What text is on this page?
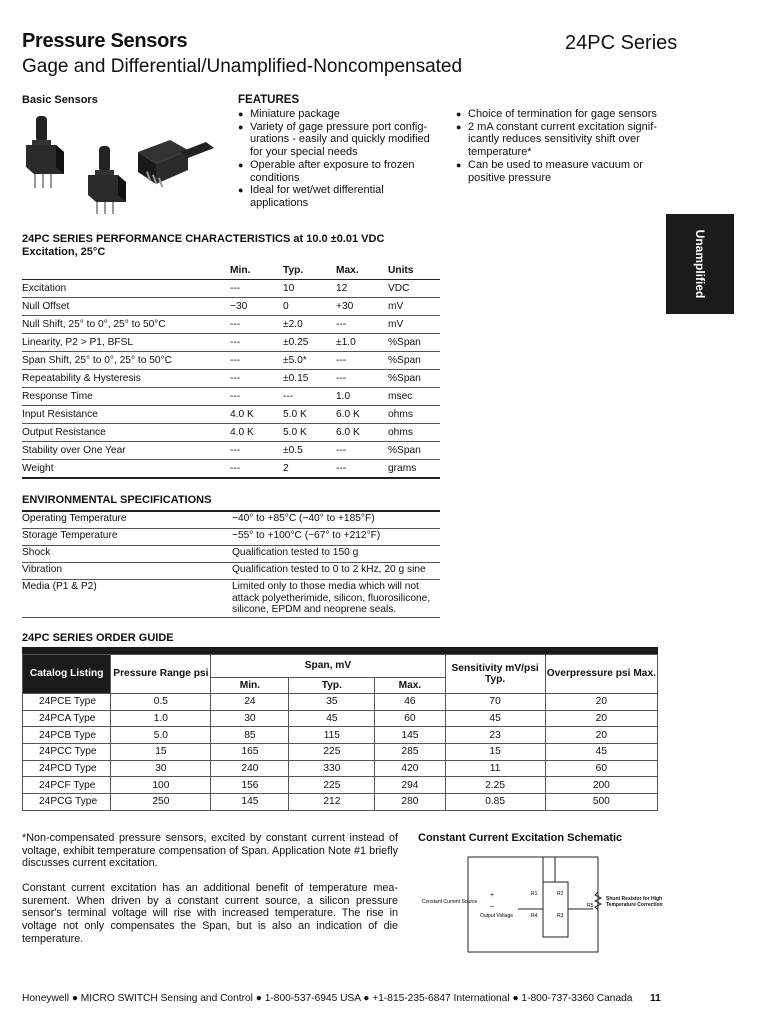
Pressure Sensors	24PC Series
Gage and Differential/Unamplified-Noncompensated
Basic Sensors	FEATURES
● Miniature package
● Variety of gage pressure port config-urations - easily and quickly modified for your special needs
● Operable after exposure to frozen conditions
● Ideal for wet/wet differential applications
● Choice of termination for gage sensors
● 2 mA constant current excitation signif-icantly reduces sensitivity shift over temperature*
● Can be used to measure vacuum or positive pressure
Unamplified
24PC SERIES PERFORMANCE CHARACTERISTICS at 10.0 ±0.01 VDC Excitation, 25°C
	Min.	Typ.	Max.	Units
Excitation	---	10	12	VDC
Null Offset	−30	0	+30	mV
Null Shift, 25° to 0°, 25° to 50°C	---	±2.0	---	mV
Linearity, P2 > P1, BFSL	---	±0.25	±1.0	%Span
Span Shift, 25° to 0°, 25° to 50°C	---	±5.0*	---	%Span
Repeatability & Hysteresis	---	±0.15	---	%Span
Response Time	---	---	1.0	msec
Input Resistance	4.0 K	5.0 K	6.0 K	ohms
Output Resistance	4.0 K	5.0 K	6.0 K	ohms
Stability over One Year	---	±0.5	---	%Span
Weight	---	2	---	grams
ENVIRONMENTAL SPECIFICATIONS
Operating Temperature	−40° to +85°C (−40° to +185°F)
Storage Temperature	−55° to +100°C (−67° to +212°F)
Shock	Qualification tested to 150 g
Vibration	Qualification tested to 0 to 2 kHz, 20 g sine
Media (P1 & P2)	Limited only to those media which will not attack polyetherimide, silicon, fluorosilicone, silicone, EPDM and neoprene seals.
24PC SERIES ORDER GUIDE
Catalog Listing	Pressure Range psi	Span, mV			Sensitivity mV/psi Typ.	Overpressure psi Max.
		Min.	Typ.	Max.		
24PCE Type	0.5	24	35	46	70	20
24PCA Type	1.0	30	45	60	45	20
24PCB Type	5.0	85	115	145	23	20
24PCC Type	15	165	225	285	15	45
24PCD Type	30	240	330	420	11	60
24PCF Type	100	156	225	294	2.25	200
24PCG Type	250	145	212	280	0.85	500
*Non-compensated pressure sensors, excited by constant current instead of voltage, exhibit temperature compensation of Span. Application Note #1 briefly discusses current excitation.
Constant current excitation has an additional benefit of temperature mea-surement. When driven by a constant current source, a silicon pressure sensor's terminal voltage will rise with increased temperature. The rise in voltage not only compensates the Span, but is also an indication of die temperature.
Constant Current Excitation Schematic
Constant Current Source
Output Voltage
R1	R2
R3
R4
R5
+
–
Shunt Resistor for High Temperature Correction
Honeywell ● MICRO SWITCH Sensing and Control ● 1-800-537-6945 USA ● +1-815-235-6847 International ● 1-800-737-3360 Canada 11
